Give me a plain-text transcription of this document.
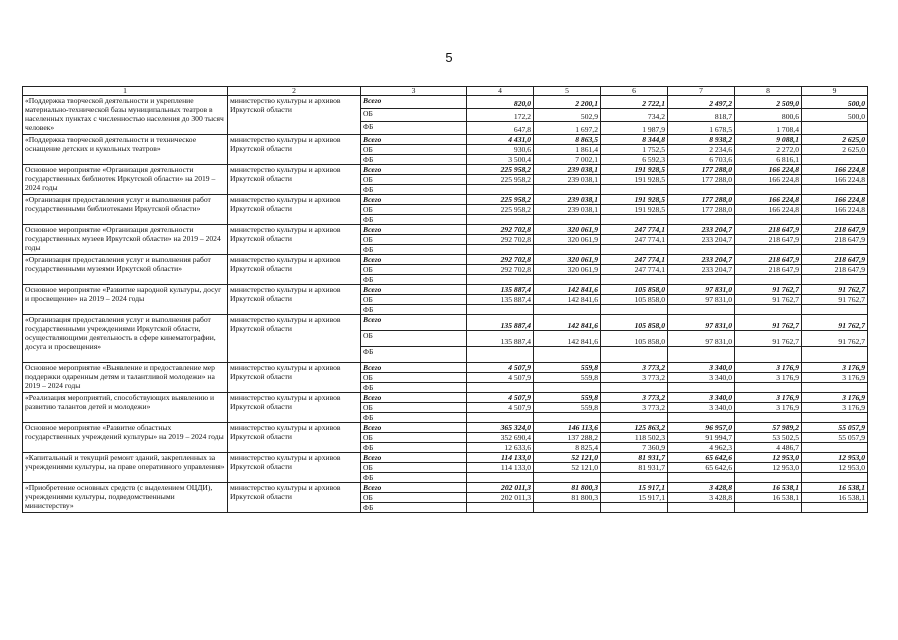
5
1	2	3	4	5	6	7	8	9
«Поддержка творческой деятельности и укрепление материально-технической базы муниципальных театров в населенных пунктах с численностью населения до 300 тысяч человек»	министерство культуры и архивов Иркутской области	Всего	820,0	2 200,1	2 722,1	2 497,2	2 509,0	500,0
		ОБ	172,2	502,9	734,2	818,7	800,6	500,0
		ФБ	647,8	1 697,2	1 987,9	1 678,5	1 708,4	
«Поддержка творческой деятельности и техническое оснащение детских и кукольных театров»	министерство культуры и архивов Иркутской области	Всего	4 431,0	8 863,5	8 344,8	8 938,2	9 088,1	2 625,0
		ОБ	930,6	1 861,4	1 752,5	2 234,6	2 272,0	2 625,0
		ФБ	3 500,4	7 002,1	6 592,3	6 703,6	6 816,1	
Основное мероприятие «Организация деятельности государственных библиотек Иркутской области» на 2019 – 2024 годы	министерство культуры и архивов Иркутской области	Всего	225 958,2	239 038,1	191 928,5	177 288,0	166 224,8	166 224,8
		ОБ	225 958,2	239 038,1	191 928,5	177 288,0	166 224,8	166 224,8
		ФБ						
«Организация предоставления услуг и выполнения работ государственными библиотеками Иркутской области»	министерство культуры и архивов Иркутской области	Всего	225 958,2	239 038,1	191 928,5	177 288,0	166 224,8	166 224,8
		ОБ	225 958,2	239 038,1	191 928,5	177 288,0	166 224,8	166 224,8
		ФБ						
Основное мероприятие «Организация деятельности государственных музеев Иркутской области» на 2019 – 2024 годы	министерство культуры и архивов Иркутской области	Всего	292 702,8	320 061,9	247 774,1	233 204,7	218 647,9	218 647,9
		ОБ	292 702,8	320 061,9	247 774,1	233 204,7	218 647,9	218 647,9
		ФБ						
«Организация предоставления услуг и выполнения работ государственными музеями Иркутской области»	министерство культуры и архивов Иркутской области	Всего	292 702,8	320 061,9	247 774,1	233 204,7	218 647,9	218 647,9
		ОБ	292 702,8	320 061,9	247 774,1	233 204,7	218 647,9	218 647,9
		ФБ						
Основное мероприятие «Развитие народной культуры, досуг и просвещение» на 2019 – 2024 годы	министерство культуры и архивов Иркутской области	Всего	135 887,4	142 841,6	105 858,0	97 831,0	91 762,7	91 762,7
		ОБ	135 887,4	142 841,6	105 858,0	97 831,0	91 762,7	91 762,7
		ФБ						
«Организация предоставления услуг и выполнения работ государственными учреждениями Иркутской области, осуществляющими деятельность в сфере кинематографии, досуга и просвещения»	министерство культуры и архивов Иркутской области	Всего	135 887,4	142 841,6	105 858,0	97 831,0	91 762,7	91 762,7
		ОБ	135 887,4	142 841,6	105 858,0	97 831,0	91 762,7	91 762,7
		ФБ						
Основное мероприятие «Выявление и предоставление мер поддержки одаренным детям и талантливой молодежи» на 2019 – 2024 годы	министерство культуры и архивов Иркутской области	Всего	4 507,9	559,8	3 773,2	3 340,0	3 176,9	3 176,9
		ОБ	4 507,9	559,8	3 773,2	3 340,0	3 176,9	3 176,9
		ФБ						
«Реализация мероприятий, способствующих выявлению и развитию талантов детей и молодежи»	министерство культуры и архивов Иркутской области	Всего	4 507,9	559,8	3 773,2	3 340,0	3 176,9	3 176,9
		ОБ	4 507,9	559,8	3 773,2	3 340,0	3 176,9	3 176,9
		ФБ						
Основное мероприятие «Развитие областных государственных учреждений культуры» на 2019 – 2024 годы	министерство культуры и архивов Иркутской области	Всего	365 324,0	146 113,6	125 863,2	96 957,0	57 989,2	55 057,9
		ОБ	352 690,4	137 288,2	118 502,3	91 994,7	53 502,5	55 057,9
		ФБ	12 633,6	8 825,4	7 360,9	4 962,3	4 486,7	
«Капитальный и текущий ремонт зданий, закрепленных за учреждениями культуры, на праве оперативного управления»	министерство культуры и архивов Иркутской области	Всего	114 133,0	52 121,0	81 931,7	65 642,6	12 953,0	12 953,0
		ОБ	114 133,0	52 121,0	81 931,7	65 642,6	12 953,0	12 953,0
		ФБ						
«Приобретение основных средств (с выделением ОЦДИ), учреждениями культуры, подведомственными министерству»	министерство культуры и архивов Иркутской области	Всего	202 011,3	81 800,3	15 917,1	3 428,8	16 538,1	16 538,1
		ОБ	202 011,3	81 800,3	15 917,1	3 428,8	16 538,1	16 538,1
		ФБ						
